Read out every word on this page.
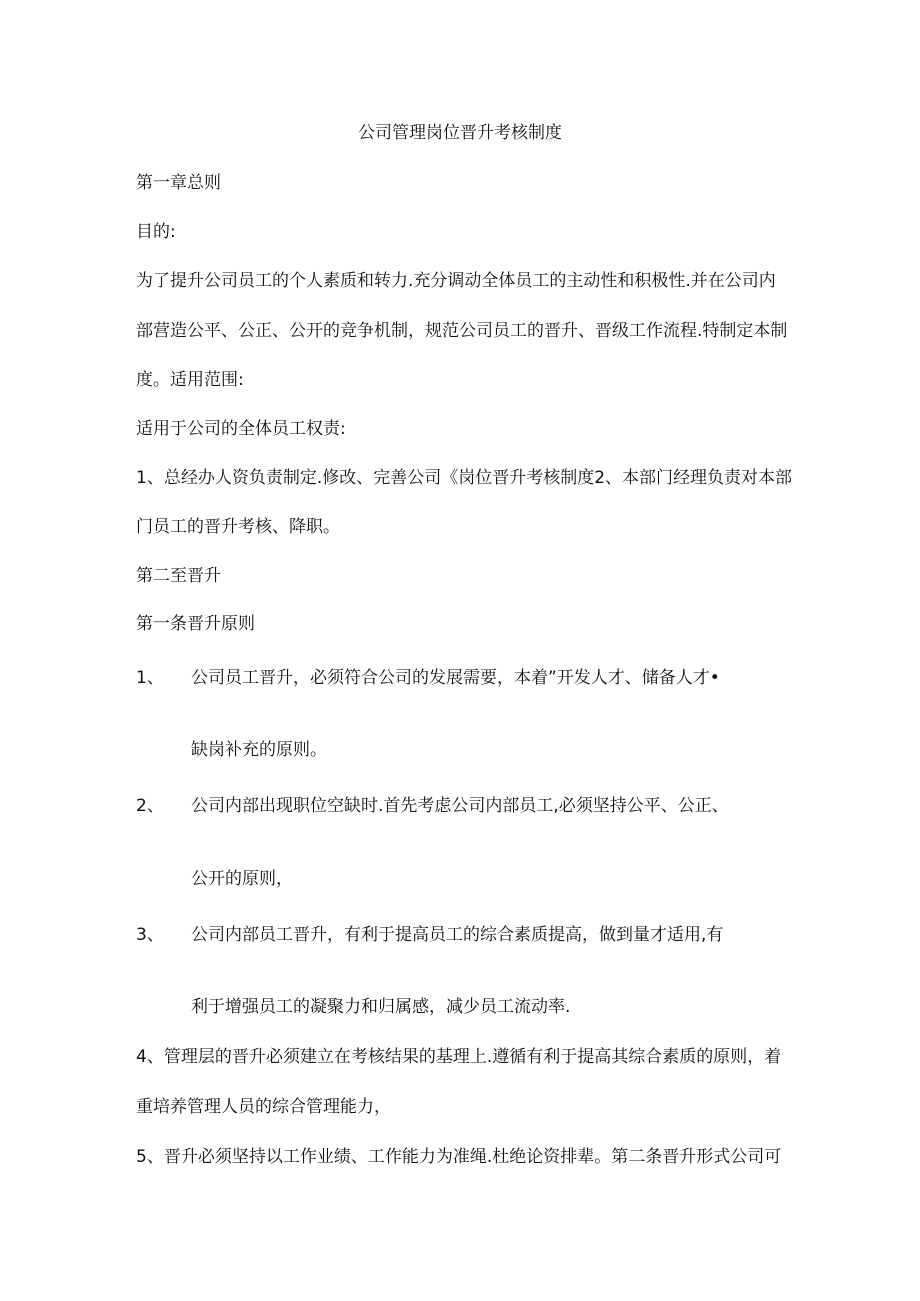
公司管理岗位晋升考核制度
第一章总则
目的:
为了提升公司员工的个人素质和转力.充分调动全体员工的主动性和积极性.并在公司内
部营造公平、公正、公开的竞争机制，规范公司员工的晋升、晋级工作流程.特制定本制
度。适用范围:
适用于公司的全体员工权责:
1、总经办人资负责制定.修改、完善公司《岗位晋升考核制度2、本部门经理负责对本部
门员工的晋升考核、降职。
第二至晋升
第一条晋升原则
1、 公司员工晋升，必须符合公司的发展需要，本着”开发人才、储备人才•
缺岗补充的原则。
2、 公司内部出现职位空缺时.首先考虑公司内部员工,必须坚持公平、公正、
公开的原则，
3、 公司内部员工晋升，有利于提高员工的综合素质提高，做到量才适用,有
利于增强员工的凝聚力和归属感，减少员工流动率.
4、管理层的晋升必须建立在考核结果的基理上.遵循有利于提高其综合素质的原则，着
重培养管理人员的综合管理能力，
5、晋升必须坚持以工作业绩、工作能力为准绳.杜绝论资排辈。第二条晋升形式公司可
